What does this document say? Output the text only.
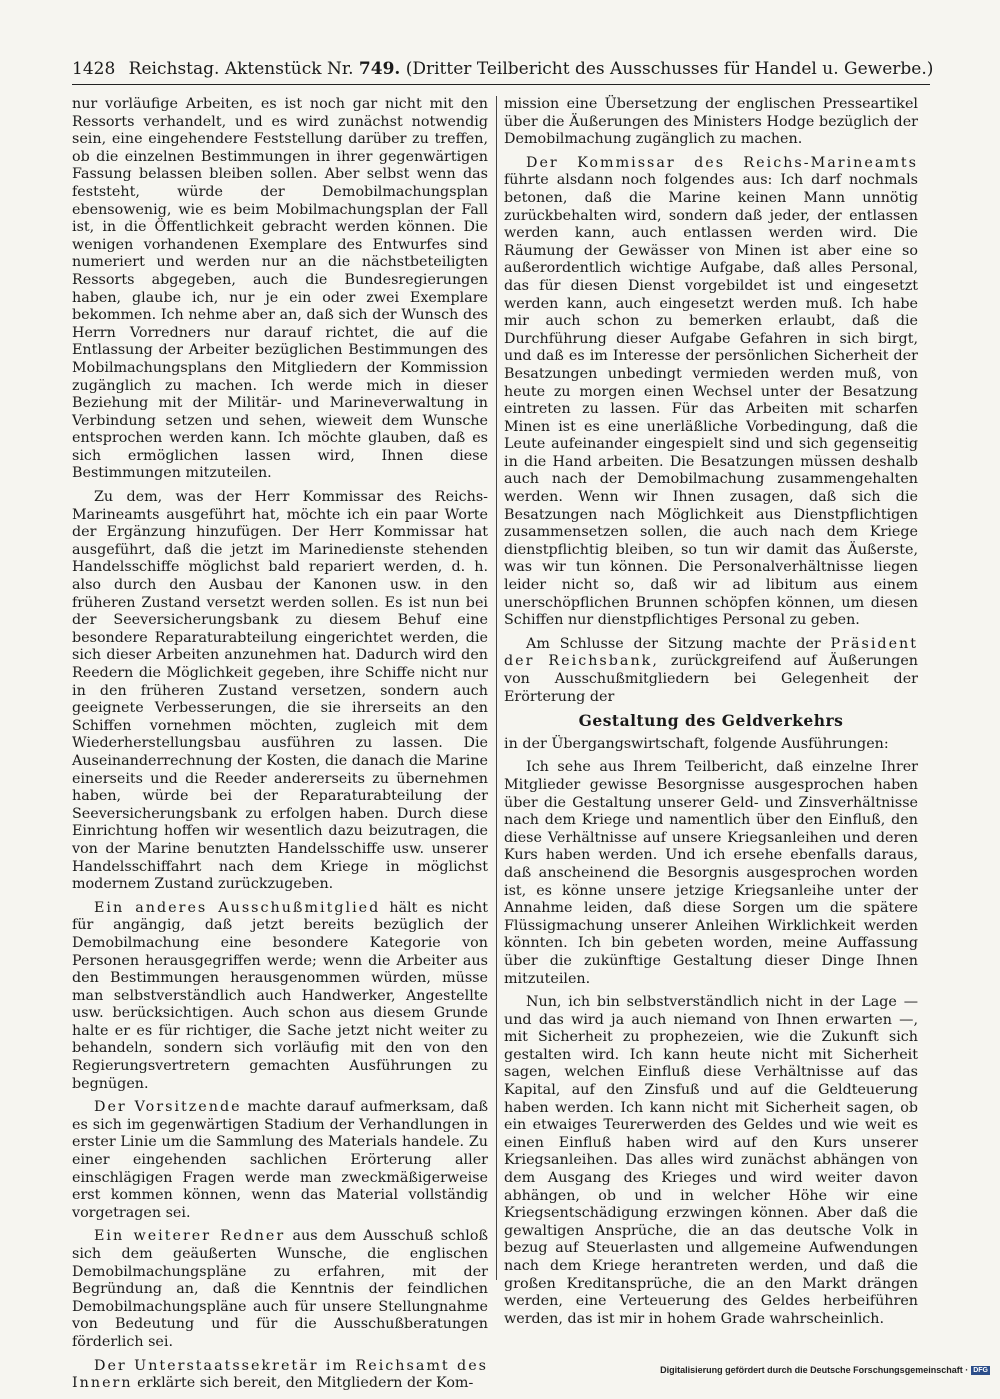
1428 Reichstag. Aktenstück Nr. 749. (Dritter Teilbericht des Ausschusses für Handel u. Gewerbe.)

nur vorläufige Arbeiten, es ist noch gar nicht mit den Ressorts verhandelt, und es wird zunächst notwendig sein, eine eingehendere Feststellung darüber zu treffen, ob die einzelnen Bestimmungen in ihrer gegenwärtigen Fassung belassen bleiben sollen. Aber selbst wenn das feststeht, würde der Demobilmachungsplan ebensowenig, wie es beim Mobilmachungsplan der Fall ist, in die Öffentlichkeit gebracht werden können. Die wenigen vorhandenen Exemplare des Entwurfes sind numeriert und werden nur an die nächstbeteiligten Ressorts abgegeben, auch die Bundesregierungen haben, glaube ich, nur je ein oder zwei Exemplare bekommen. Ich nehme aber an, daß sich der Wunsch des Herrn Vorredners nur darauf richtet, die auf die Entlassung der Arbeiter bezüglichen Bestimmungen des Mobilmachungsplans den Mitgliedern der Kommission zugänglich zu machen. Ich werde mich in dieser Beziehung mit der Militär- und Marineverwaltung in Verbindung setzen und sehen, wieweit dem Wunsche entsprochen werden kann. Ich möchte glauben, daß es sich ermöglichen lassen wird, Ihnen diese Bestimmungen mitzuteilen.

Zu dem, was der Herr Kommissar des Reichs-Marineamts ausgeführt hat, möchte ich ein paar Worte der Ergänzung hinzufügen. Der Herr Kommissar hat ausgeführt, daß die jetzt im Marinedienste stehenden Handelsschiffe möglichst bald repariert werden, d. h. also durch den Ausbau der Kanonen usw. in den früheren Zustand versetzt werden sollen. Es ist nun bei der Seeversicherungsbank zu diesem Behuf eine besondere Reparaturabteilung eingerichtet werden, die sich dieser Arbeiten anzunehmen hat. Dadurch wird den Reedern die Möglichkeit gegeben, ihre Schiffe nicht nur in den früheren Zustand versetzen, sondern auch geeignete Verbesserungen, die sie ihrerseits an den Schiffen vornehmen möchten, zugleich mit dem Wiederherstellungsbau ausführen zu lassen. Die Auseinanderrechnung der Kosten, die danach die Marine einerseits und die Reeder andererseits zu übernehmen haben, würde bei der Reparaturabteilung der Seeversicherungsbank zu erfolgen haben. Durch diese Einrichtung hoffen wir wesentlich dazu beizutragen, die von der Marine benutzten Handelsschiffe usw. unserer Handelsschiffahrt nach dem Kriege in möglichst modernem Zustand zurückzugeben.

Ein anderes Ausschußmitglied hält es nicht für angängig, daß jetzt bereits bezüglich der Demobilmachung eine besondere Kategorie von Personen herausgegriffen werde; wenn die Arbeiter aus den Bestimmungen herausgenommen würden, müsse man selbstverständlich auch Handwerker, Angestellte usw. berücksichtigen. Auch schon aus diesem Grunde halte er es für richtiger, die Sache jetzt nicht weiter zu behandeln, sondern sich vorläufig mit den von den Regierungsvertretern gemachten Ausführungen zu begnügen.

Der Vorsitzende machte darauf aufmerksam, daß es sich im gegenwärtigen Stadium der Verhandlungen in erster Linie um die Sammlung des Materials handele. Zu einer eingehenden sachlichen Erörterung aller einschlägigen Fragen werde man zweckmäßigerweise erst kommen können, wenn das Material vollständig vorgetragen sei.

Ein weiterer Redner aus dem Ausschuß schloß sich dem geäußerten Wunsche, die englischen Demobilmachungspläne zu erfahren, mit der Begründung an, daß die Kenntnis der feindlichen Demobilmachungspläne auch für unsere Stellungnahme von Bedeutung und für die Ausschußberatungen förderlich sei.

Der Unterstaatssekretär im Reichsamt des Innern erklärte sich bereit, den Mitgliedern der Kom-

mission eine Übersetzung der englischen Presseartikel über die Äußerungen des Ministers Hodge bezüglich der Demobilmachung zugänglich zu machen.

Der Kommissar des Reichs-Marineamts führte alsdann noch folgendes aus: Ich darf nochmals betonen, daß die Marine keinen Mann unnötig zurückbehalten wird, sondern daß jeder, der entlassen werden kann, auch entlassen werden wird. Die Räumung der Gewässer von Minen ist aber eine so außerordentlich wichtige Aufgabe, daß alles Personal, das für diesen Dienst vorgebildet ist und eingesetzt werden kann, auch eingesetzt werden muß. Ich habe mir auch schon zu bemerken erlaubt, daß die Durchführung dieser Aufgabe Gefahren in sich birgt, und daß es im Interesse der persönlichen Sicherheit der Besatzungen unbedingt vermieden werden muß, von heute zu morgen einen Wechsel unter der Besatzung eintreten zu lassen. Für das Arbeiten mit scharfen Minen ist es eine unerläßliche Vorbedingung, daß die Leute aufeinander eingespielt sind und sich gegenseitig in die Hand arbeiten. Die Besatzungen müssen deshalb auch nach der Demobilmachung zusammengehalten werden. Wenn wir Ihnen zusagen, daß sich die Besatzungen nach Möglichkeit aus Dienstpflichtigen zusammensetzen sollen, die auch nach dem Kriege dienstpflichtig bleiben, so tun wir damit das Äußerste, was wir tun können. Die Personalverhältnisse liegen leider nicht so, daß wir ad libitum aus einem unerschöpflichen Brunnen schöpfen können, um diesen Schiffen nur dienstpflichtiges Personal zu geben.

Am Schlusse der Sitzung machte der Präsident der Reichsbank, zurückgreifend auf Äußerungen von Ausschußmitgliedern bei Gelegenheit der Erörterung der

Gestaltung des Geldverkehrs

in der Übergangswirtschaft, folgende Ausführungen:

Ich sehe aus Ihrem Teilbericht, daß einzelne Ihrer Mitglieder gewisse Besorgnisse ausgesprochen haben über die Gestaltung unserer Geld- und Zinsverhältnisse nach dem Kriege und namentlich über den Einfluß, den diese Verhältnisse auf unsere Kriegsanleihen und deren Kurs haben werden. Und ich ersehe ebenfalls daraus, daß anscheinend die Besorgnis ausgesprochen worden ist, es könne unsere jetzige Kriegsanleihe unter der Annahme leiden, daß diese Sorgen um die spätere Flüssigmachung unserer Anleihen Wirklichkeit werden könnten. Ich bin gebeten worden, meine Auffassung über die zukünftige Gestaltung dieser Dinge Ihnen mitzuteilen.

Nun, ich bin selbstverständlich nicht in der Lage — und das wird ja auch niemand von Ihnen erwarten —, mit Sicherheit zu prophezeien, wie die Zukunft sich gestalten wird. Ich kann heute nicht mit Sicherheit sagen, welchen Einfluß diese Verhältnisse auf das Kapital, auf den Zinsfuß und auf die Geldteuerung haben werden. Ich kann nicht mit Sicherheit sagen, ob ein etwaiges Teurerwerden des Geldes und wie weit es einen Einfluß haben wird auf den Kurs unserer Kriegsanleihen. Das alles wird zunächst abhängen von dem Ausgang des Krieges und wird weiter davon abhängen, ob und in welcher Höhe wir eine Kriegsentschädigung erzwingen können. Aber daß die gewaltigen Ansprüche, die an das deutsche Volk in bezug auf Steuerlasten und allgemeine Aufwendungen nach dem Kriege herantreten werden, und daß die großen Kreditansprüche, die an den Markt drängen werden, eine Verteuerung des Geldes herbeiführen werden, das ist mir in hohem Grade wahrscheinlich.

Digitalisierung gefördert durch die Deutsche Forschungsgemeinschaft · DFG
